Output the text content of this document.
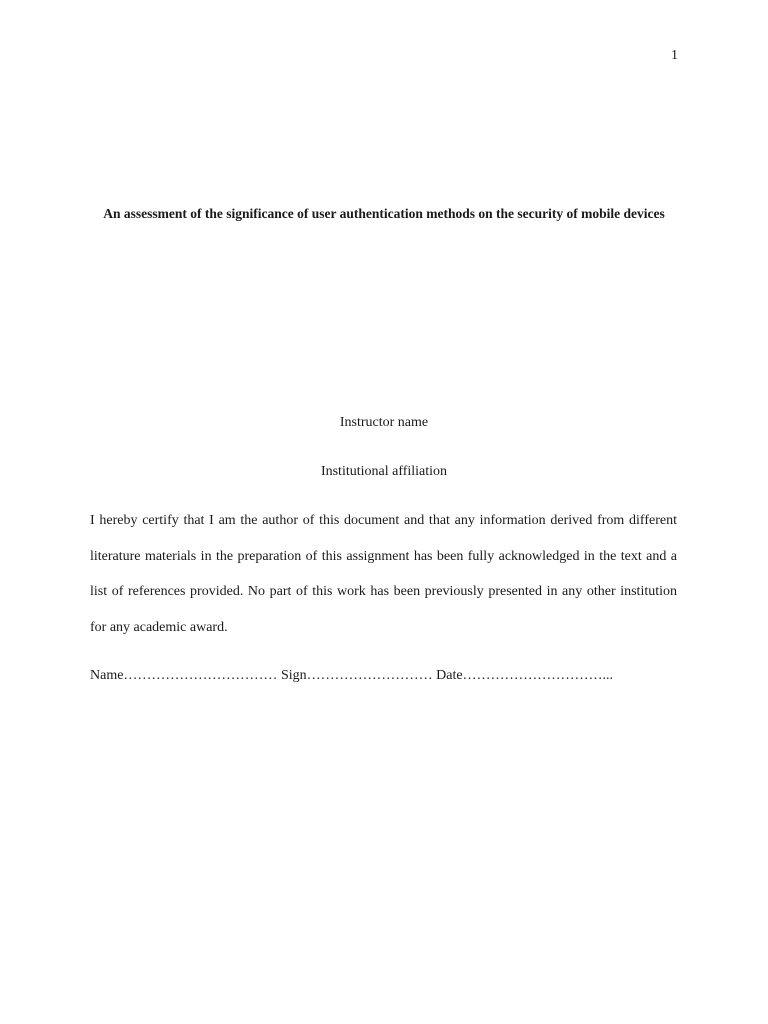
1
An assessment of the significance of user authentication methods on the security of mobile devices
Instructor name
Institutional affiliation

I hereby certify that I am the author of this document and that any information derived from different literature materials in the preparation of this assignment has been fully acknowledged in the text and a list of references provided. No part of this work has been previously presented in any other institution for any academic award.

Name…………………………… Sign……………………… Date…………………………...
